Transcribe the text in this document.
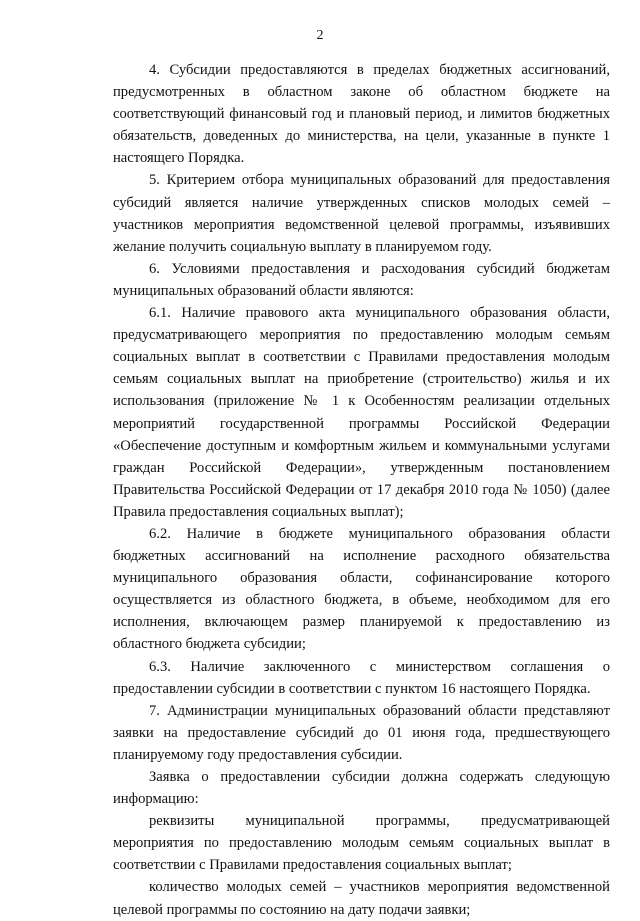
2

4. Субсидии предоставляются в пределах бюджетных ассигнований, предусмотренных в областном законе об областном бюджете на соответствующий финансовый год и плановый период, и лимитов бюджетных обязательств, доведенных до министерства, на цели, указанные в пункте 1 настоящего Порядка.

5. Критерием отбора муниципальных образований для предоставления субсидий является наличие утвержденных списков молодых семей – участников мероприятия ведомственной целевой программы, изъявивших желание получить социальную выплату в планируемом году.

6. Условиями предоставления и расходования субсидий бюджетам муниципальных образований области являются:

6.1. Наличие правового акта муниципального образования области, предусматривающего мероприятия по предоставлению молодым семьям социальных выплат в соответствии с Правилами предоставления молодым семьям социальных выплат на приобретение (строительство) жилья и их использования (приложение № 1 к Особенностям реализации отдельных мероприятий государственной программы Российской Федерации «Обеспечение доступным и комфортным жильем и коммунальными услугами граждан Российской Федерации», утвержденным постановлением Правительства Российской Федерации от 17 декабря 2010 года № 1050) (далее Правила предоставления социальных выплат);

6.2. Наличие в бюджете муниципального образования области бюджетных ассигнований на исполнение расходного обязательства муниципального образования области, софинансирование которого осуществляется из областного бюджета, в объеме, необходимом для его исполнения, включающем размер планируемой к предоставлению из областного бюджета субсидии;

6.3. Наличие заключенного с министерством соглашения о предоставлении субсидии в соответствии с пунктом 16 настоящего Порядка.

7. Администрации муниципальных образований области представляют заявки на предоставление субсидий до 01 июня года, предшествующего планируемому году предоставления субсидии.

Заявка о предоставлении субсидии должна содержать следующую информацию:

реквизиты муниципальной программы, предусматривающей мероприятия по предоставлению молодым семьям социальных выплат в соответствии с Правилами предоставления социальных выплат;

количество молодых семей – участников мероприятия ведомственной целевой программы по состоянию на дату подачи заявки;
